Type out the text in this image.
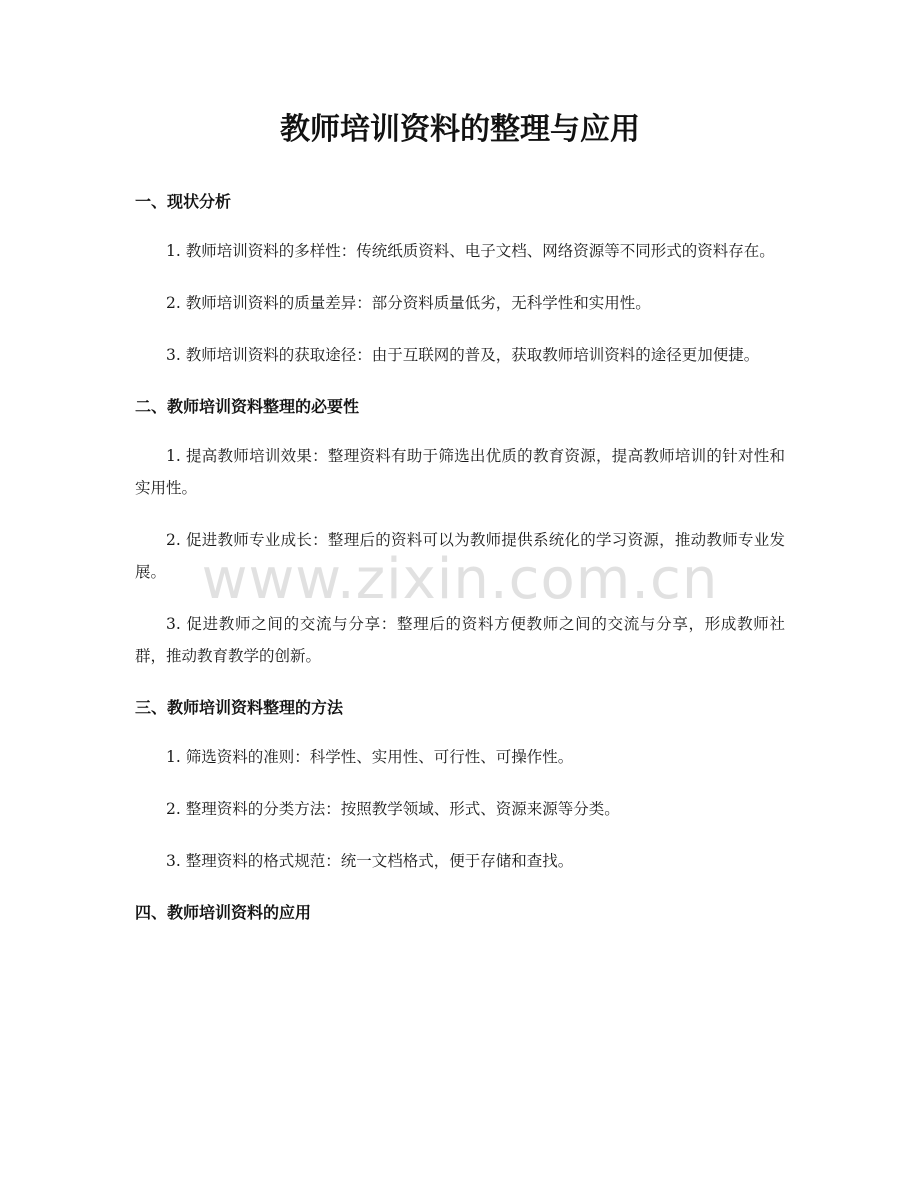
教师培训资料的整理与应用
一、现状分析

1. 教师培训资料的多样性：传统纸质资料、电子文档、网络资源等不同形式的资料存在。

2. 教师培训资料的质量差异：部分资料质量低劣，无科学性和实用性。

3. 教师培训资料的获取途径：由于互联网的普及，获取教师培训资料的途径更加便捷。

二、教师培训资料整理的必要性

1. 提高教师培训效果：整理资料有助于筛选出优质的教育资源，提高教师培训的针对性和实用性。

2. 促进教师专业成长：整理后的资料可以为教师提供系统化的学习资源，推动教师专业发展。

3. 促进教师之间的交流与分享：整理后的资料方便教师之间的交流与分享，形成教师社群，推动教育教学的创新。

三、教师培训资料整理的方法

1. 筛选资料的准则：科学性、实用性、可行性、可操作性。

2. 整理资料的分类方法：按照教学领域、形式、资源来源等分类。

3. 整理资料的格式规范：统一文档格式，便于存储和查找。

四、教师培训资料的应用
www.zixin.com.cn
